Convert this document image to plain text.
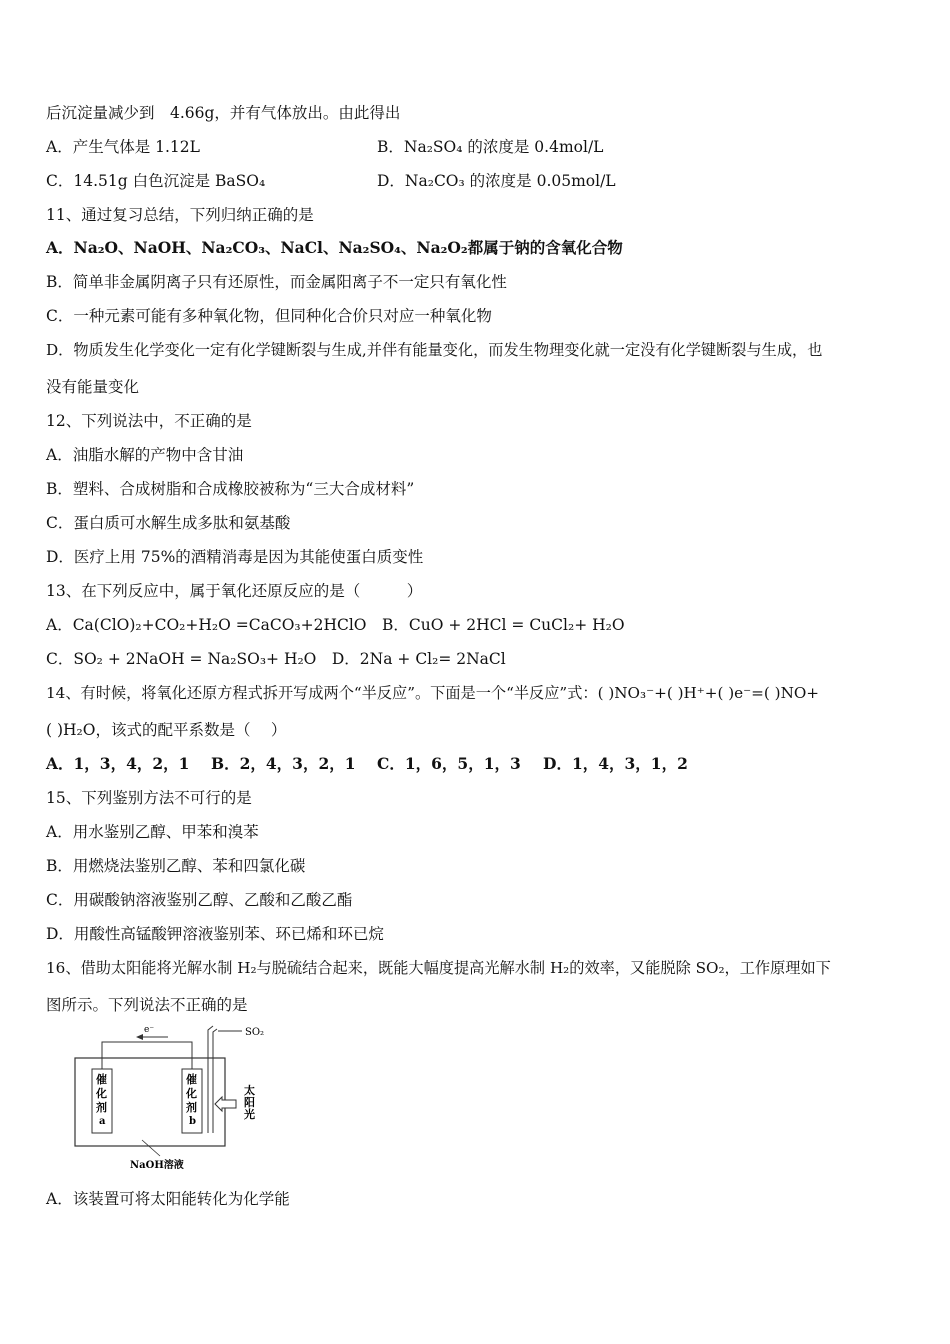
后沉淀量减少到　4.66g，并有气体放出。由此得出
A．产生气体是 1.12L	B．Na₂SO₄ 的浓度是 0.4mol/L
C．14.51g 白色沉淀是 BaSO₄	D．Na₂CO₃ 的浓度是 0.05mol/L
11、通过复习总结，下列归纳正确的是
A．Na₂O、NaOH、Na₂CO₃、NaCl、Na₂SO₄、Na₂O₂都属于钠的含氧化合物
B．简单非金属阴离子只有还原性，而金属阳离子不一定只有氧化性
C．一种元素可能有多种氧化物，但同种化合价只对应一种氧化物
D．物质发生化学变化一定有化学键断裂与生成,并伴有能量变化，而发生物理变化就一定没有化学键断裂与生成，也
没有能量变化
12、下列说法中，不正确的是
A．油脂水解的产物中含甘油
B．塑料、合成树脂和合成橡胶被称为“三大合成材料”
C．蛋白质可水解生成多肽和氨基酸
D．医疗上用 75%的酒精消毒是因为其能使蛋白质变性
13、在下列反应中，属于氧化还原反应的是（　　　）
A．Ca(ClO)₂+CO₂+H₂O =CaCO₃+2HClO　B．CuO + 2HCl = CuCl₂+ H₂O
C．SO₂ + 2NaOH = Na₂SO₃+ H₂O　D．2Na + Cl₂= 2NaCl
14、有时候，将氧化还原方程式拆开写成两个“半反应”。下面是一个“半反应”式：( )NO₃⁻+( )H⁺+( )e⁻=( )NO+
( )H₂O，该式的配平系数是（　 ）
A．1，3，4，2，1 B．2，4，3，2，1 C．1，6，5，1，3 D．1，4，3，1，2
15、下列鉴别方法不可行的是
A．用水鉴别乙醇、甲苯和溴苯
B．用燃烧法鉴别乙醇、苯和四氯化碳
C．用碳酸钠溶液鉴别乙醇、乙酸和乙酸乙酯
D．用酸性高锰酸钾溶液鉴别苯、环已烯和环已烷
16、借助太阳能将光解水制 H₂与脱硫结合起来，既能大幅度提高光解水制 H₂的效率，又能脱除 SO₂，工作原理如下
图所示。下列说法不正确的是
e⁻	SO₂
催
化
剂
a
催
化
剂
b
太
阳
光
NaOH溶液
A．该装置可将太阳能转化为化学能
